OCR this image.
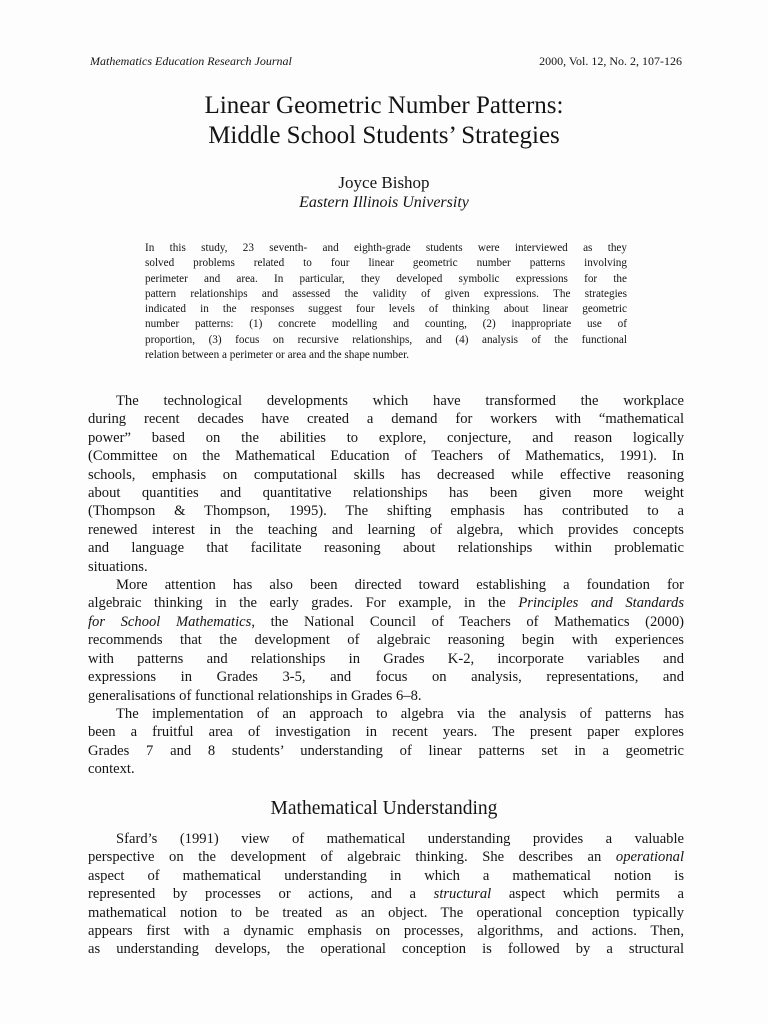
Mathematics Education Research Journal	2000, Vol. 12, No. 2, 107-126
Linear Geometric Number Patterns:
Middle School Students’ Strategies
Joyce Bishop
Eastern Illinois University
In this study, 23 seventh- and eighth-grade students were interviewed as they
solved problems related to four linear geometric number patterns involving
perimeter and area. In particular, they developed symbolic expressions for the
pattern relationships and assessed the validity of given expressions. The strategies
indicated in the responses suggest four levels of thinking about linear geometric
number patterns: (1) concrete modelling and counting, (2) inappropriate use of
proportion, (3) focus on recursive relationships, and (4) analysis of the functional
relation between a perimeter or area and the shape number.
The technological developments which have transformed the workplace
during recent decades have created a demand for workers with “mathematical
power” based on the abilities to explore, conjecture, and reason logically
(Committee on the Mathematical Education of Teachers of Mathematics, 1991). In
schools, emphasis on computational skills has decreased while effective reasoning
about quantities and quantitative relationships has been given more weight
(Thompson & Thompson, 1995). The shifting emphasis has contributed to a
renewed interest in the teaching and learning of algebra, which provides concepts
and language that facilitate reasoning about relationships within problematic
situations.
More attention has also been directed toward establishing a foundation for
algebraic thinking in the early grades. For example, in the Principles and Standards
for School Mathematics, the National Council of Teachers of Mathematics (2000)
recommends that the development of algebraic reasoning begin with experiences
with patterns and relationships in Grades K-2, incorporate variables and
expressions in Grades 3-5, and focus on analysis, representations, and
generalisations of functional relationships in Grades 6–8.
The implementation of an approach to algebra via the analysis of patterns has
been a fruitful area of investigation in recent years. The present paper explores
Grades 7 and 8 students’ understanding of linear patterns set in a geometric
context.
Mathematical Understanding
Sfard’s (1991) view of mathematical understanding provides a valuable
perspective on the development of algebraic thinking. She describes an operational
aspect of mathematical understanding in which a mathematical notion is
represented by processes or actions, and a structural aspect which permits a
mathematical notion to be treated as an object. The operational conception typically
appears first with a dynamic emphasis on processes, algorithms, and actions. Then,
as understanding develops, the operational conception is followed by a structural
